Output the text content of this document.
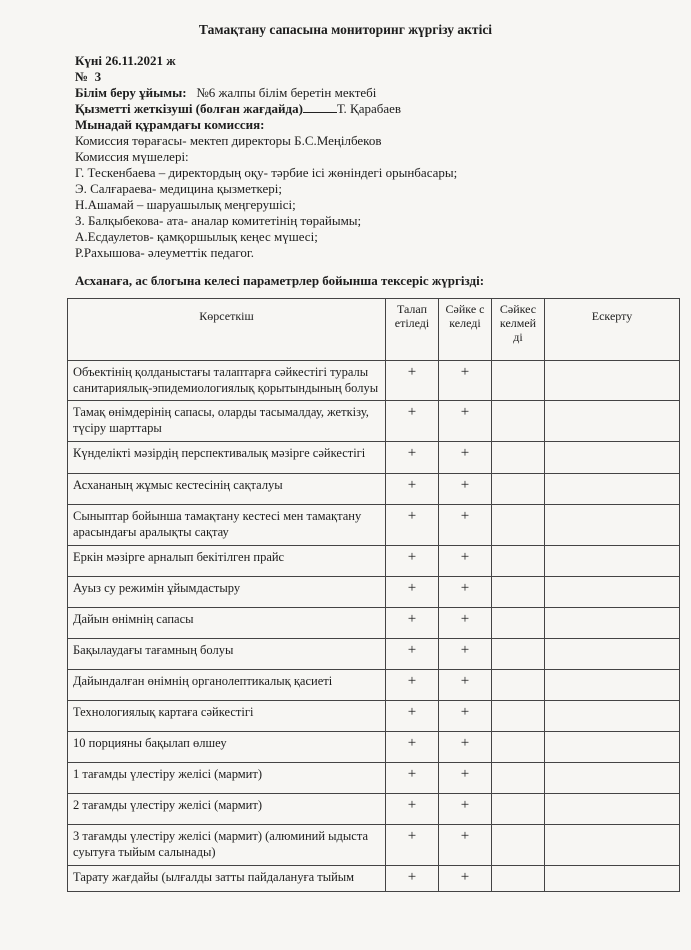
Тамақтану сапасына мониторинг жүргізу актісі
Күні 26.11.2021 ж
№ 3
Білім беру ұйымы: №6 жалпы білім беретін мектебі
Қызметті жеткізуші (болған жағдайда)	Т. Қарабаев
Мынадай құрамдағы комиссия:
Комиссия төрағасы- мектеп директоры Б.С.Меңілбеков
Комиссия мүшелері:
Г. Тескенбаева – директордың оқу- тәрбие ісі жөніндегі орынбасары;
Э. Салғараева- медицина қызметкері;
Н.Ашамай – шаруашылық меңгерушісі;
З. Балқыбекова- ата- аналар комитетінің төрайымы;
А.Есдаулетов- қамқоршылық кеңес мүшесі;
Р.Рахышова- әлеуметтік педагог.
Асханаға, ас блогына келесі параметрлер бойынша тексеріс жүргізді:
Көрсеткіш	Талап етіледі	Сәйке с келеді	Сәйкес келмей ді	Ескерту
Объектінің қолданыстағы талаптарға сәйкестігі туралы санитариялық-эпидемиологиялық қорытындының болуы	+	+		
Тамақ өнімдерінің сапасы, оларды тасымалдау, жеткізу, түсіру шарттары	+	+		
Күнделікті мәзірдің перспективалық мәзірге сәйкестігі	+	+		
Асхананың жұмыс кестесінің сақталуы	+	+		
Сыныптар бойынша тамақтану кестесі мен тамақтану арасындағы аралықты сақтау	+	+		
Еркін мәзірге арналып бекітілген прайс	+	+		
Ауыз су режимін ұйымдастыру	+	+		
Дайын өнімнің сапасы	+	+		
Бақылаудағы тағамның болуы	+	+		
Дайындалған өнімнің органолептикалық қасиеті	+	+		
Технологиялық картаға сәйкестігі	+	+		
10 порцияны бақылап өлшеу	+	+		
1 тағамды үлестіру желісі (мармит)	+	+		
2 тағамды үлестіру желісі (мармит)	+	+		
3 тағамды үлестіру желісі (мармит) (алюминий ыдыста суытуға тыйым салынады)	+	+		
Тарату жағдайы (ылғалды затты пайдалануға тыйым	+	+		
